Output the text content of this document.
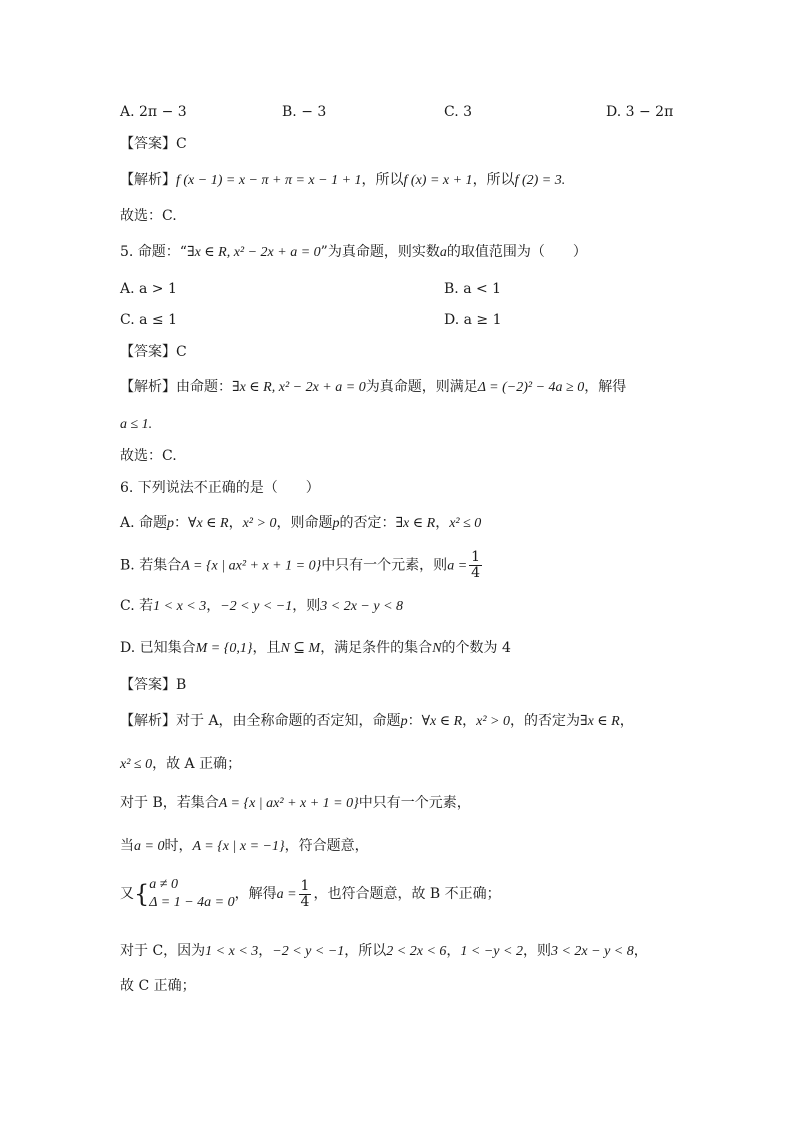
A. 2π − 3	B. − 3	C. 3	D. 3 − 2π
【答案】C
【解析】f (x − 1) = x − π + π = x − 1 + 1，所以f (x) = x + 1，所以f (2) = 3.
故选：C.
5. 命题：“∃x ∈ R, x² − 2x + a = 0”为真命题，则实数a的取值范围为（　　）
A. a > 1	B. a < 1
C. a ≤ 1	D. a ≥ 1
【答案】C
【解析】由命题：∃x ∈ R, x² − 2x + a = 0为真命题，则满足Δ = (−2)² − 4a ≥ 0，解得
a ≤ 1.
故选：C.
6. 下列说法不正确的是（　　）
A. 命题p：∀x ∈ R，x² > 0，则命题p的否定：∃x ∈ R，x² ≤ 0
B. 若集合A = {x | ax² + x + 1 = 0}中只有一个元素，则$a = \frac{1}{4}$
C. 若1 < x < 3，−2 < y < −1，则3 < 2x − y < 8
D. 已知集合M = {0,1}，且N ⊆ M，满足条件的集合N的个数为 4
【答案】B
【解析】对于 A，由全称命题的否定知，命题p：∀x ∈ R，x² > 0，的否定为∃x ∈ R，
x² ≤ 0，故 A 正确；
对于 B，若集合A = {x | ax² + x + 1 = 0}中只有一个元素，
当a = 0时，A = {x | x = −1}，符合题意，
又{ a ≠ 0
Δ = 1 − 4a = 0
，解得$a = \frac{1}{4}$ ，也符合题意，故 B 不正确；
对于 C，因为1 < x < 3，−2 < y < −1，所以2 < 2x < 6，1 < −y < 2，则3 < 2x − y < 8，
故 C 正确；
